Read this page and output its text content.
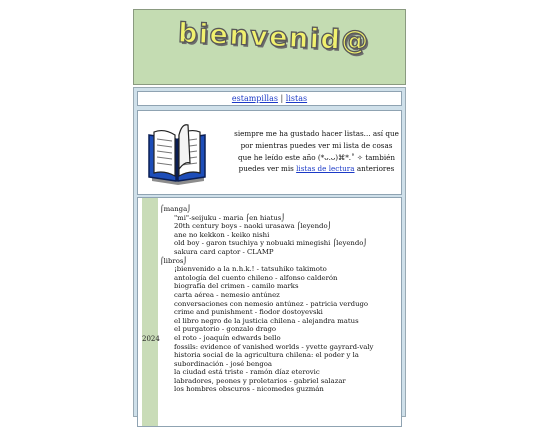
bienvenid@
estampillas | listas
siempre me ha gustado hacer listas... así que por mientras puedes ver mi lista de cosas que he leído este año (*ᴗ.ᴗ)⌘*.˚ ✧ también puedes ver mis listas de lectura anteriores
2024
⌠manga⌡
"mi"-seijuku - maria ⌠en hiatus⌡
20th century boys - naoki urasawa ⌠leyendo⌡
ane no kekkon - keiko nishi
old boy - garon tsuchiya y nobuaki minegishi ⌠leyendo⌡
sakura card captor - CLAMP
⌠libros⌡
¡bienvenido a la n.h.k.! - tatsuhiko takimoto
antología del cuento chileno - alfonso calderón
biografía del crimen - camilo marks
carta aérea - nemesio antúnez
conversaciones con nemesio antúnez - patricia verdugo
crime and punishment - fiodor dostoyevski
el libro negro de la justicia chilena - alejandra matus
el purgatorio - gonzalo drago
el roto - joaquín edwards bello
fossils: evidence of vanished worlds - yvette gayrard-valy
historia social de la agricultura chilena: el poder y la subordinación - josé bengoa
la ciudad está triste - ramón díaz eterovic
labradores, peones y proletarios - gabriel salazar
los hombres obscuros - nicomedes guzmán
